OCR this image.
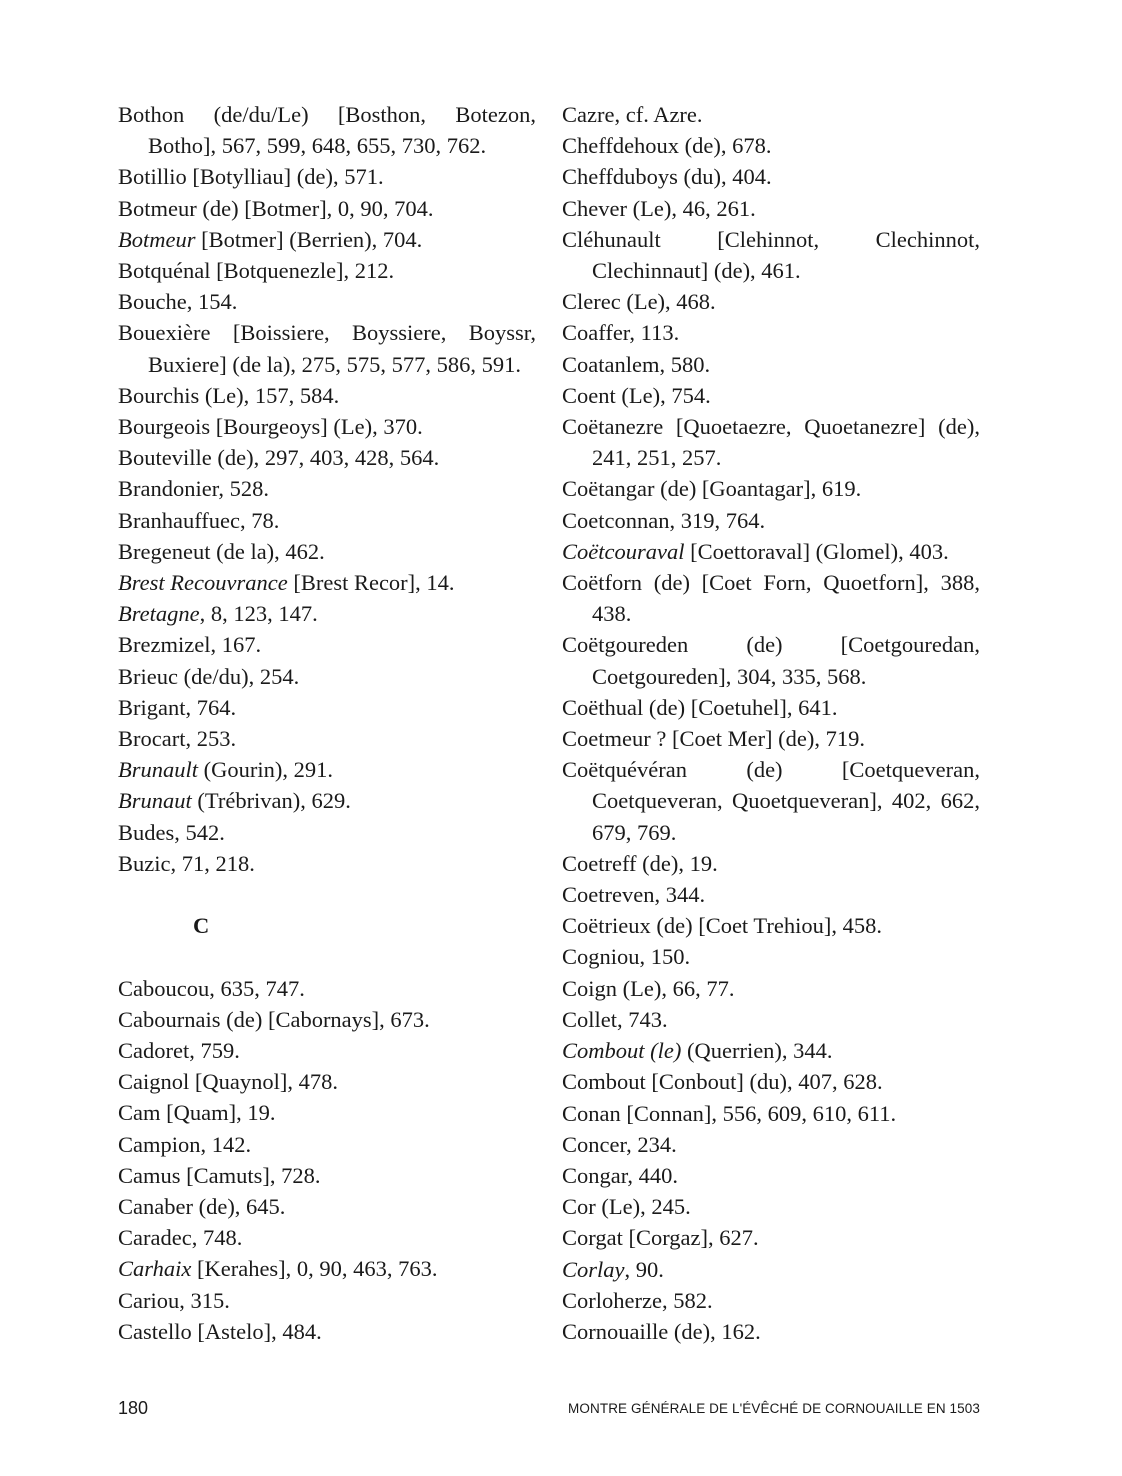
Bothon (de/du/Le) [Bosthon, Botezon, Botho], 567, 599, 648, 655, 730, 762.

Botillio [Botylliau] (de), 571.

Botmeur (de) [Botmer], 0, 90, 704.

Botmeur [Botmer] (Berrien), 704.

Botquénal [Botquenezle], 212.

Bouche, 154.

Bouexière [Boissiere, Boyssiere, Boyssr, Buxiere] (de la), 275, 575, 577, 586, 591.

Bourchis (Le), 157, 584.

Bourgeois [Bourgeoys] (Le), 370.

Bouteville (de), 297, 403, 428, 564.

Brandonier, 528.

Branhauffuec, 78.

Bregeneut (de la), 462.

Brest Recouvrance [Brest Recor], 14.

Bretagne, 8, 123, 147.

Brezmizel, 167.

Brieuc (de/du), 254.

Brigant, 764.

Brocart, 253.

Brunault (Gourin), 291.

Brunaut (Trébrivan), 629.

Budes, 542.

Buzic, 71, 218.

C

Caboucou, 635, 747.

Cabournais (de) [Cabornays], 673.

Cadoret, 759.

Caignol [Quaynol], 478.

Cam [Quam], 19.

Campion, 142.

Camus [Camuts], 728.

Canaber (de), 645.

Caradec, 748.

Carhaix [Kerahes], 0, 90, 463, 763.

Cariou, 315.

Castello [Astelo], 484.

Cazre, cf. Azre.

Cheffdehoux (de), 678.

Cheffduboys (du), 404.

Chever (Le), 46, 261.

Cléhunault [Clehinnot, Clechinnot, Clechinnaut] (de), 461.

Clerec (Le), 468.

Coaffer, 113.

Coatanlem, 580.

Coent (Le), 754.

Coëtanezre [Quoetaezre, Quoetanezre] (de), 241, 251, 257.

Coëtangar (de) [Goantagar], 619.

Coetconnan, 319, 764.

Coëtcouraval [Coettoraval] (Glomel), 403.

Coëtforn (de) [Coet Forn, Quoetforn], 388, 438.

Coëtgoureden (de) [Coetgouredan, Coetgoureden], 304, 335, 568.

Coëthual (de) [Coetuhel], 641.

Coetmeur ? [Coet Mer] (de), 719.

Coëtquévéran (de) [Coetqueveran, Coetqueveran, Quoetqueveran], 402, 662, 679, 769.

Coetreff (de), 19.

Coetreven, 344.

Coëtrieux (de) [Coet Trehiou], 458.

Cogniou, 150.

Coign (Le), 66, 77.

Collet, 743.

Combout (le) (Querrien), 344.

Combout [Conbout] (du), 407, 628.

Conan [Connan], 556, 609, 610, 611.

Concer, 234.

Congar, 440.

Cor (Le), 245.

Corgat [Corgaz], 627.

Corlay, 90.

Corloherze, 582.

Cornouaille (de), 162.

180	MONTRE GÉNÉRALE DE L'ÉVÊCHÉ DE CORNOUAILLE EN 1503
